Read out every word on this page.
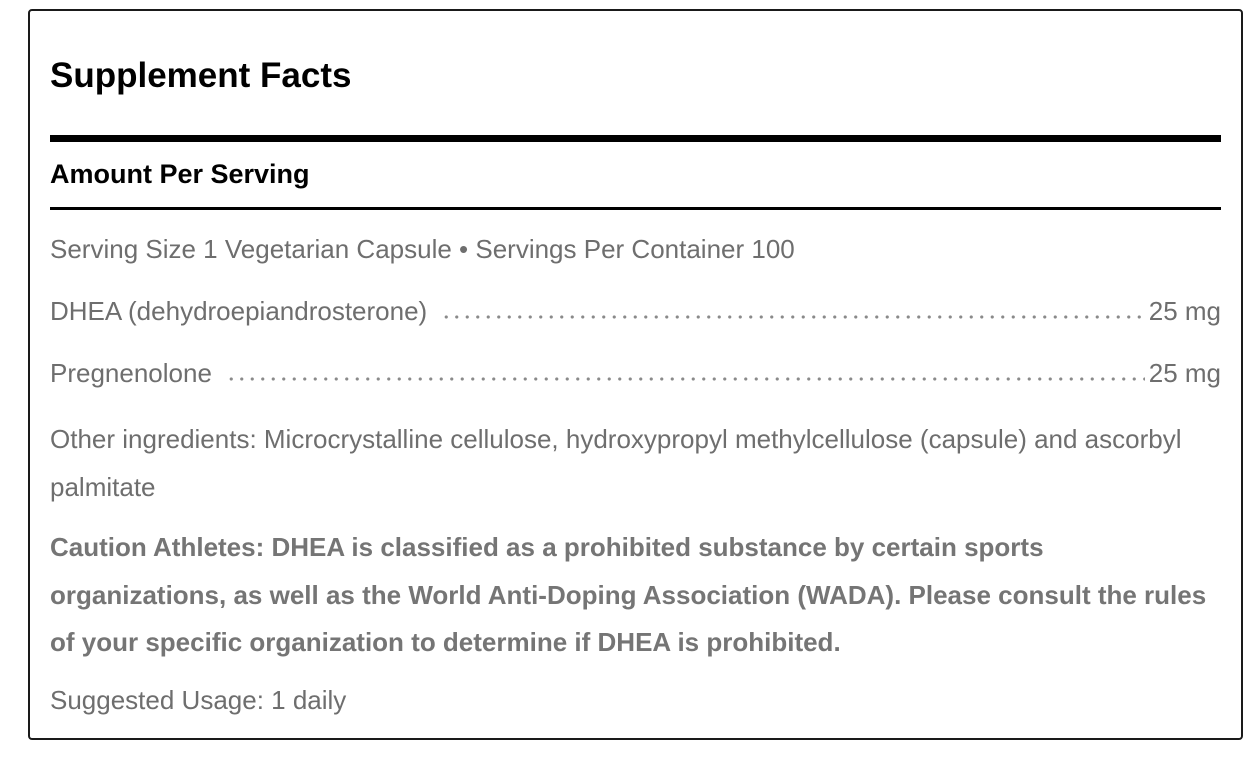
Supplement Facts
Amount Per Serving
Serving Size 1 Vegetarian Capsule • Servings Per Container 100
DHEA (dehydroepiandrosterone)	25 mg
Pregnenolone	25 mg
Other ingredients: Microcrystalline cellulose, hydroxypropyl methylcellulose (capsule) and ascorbyl palmitate
Caution Athletes: DHEA is classified as a prohibited substance by certain sports organizations, as well as the World Anti-Doping Association (WADA). Please consult the rules of your specific organization to determine if DHEA is prohibited.
Suggested Usage: 1 daily
